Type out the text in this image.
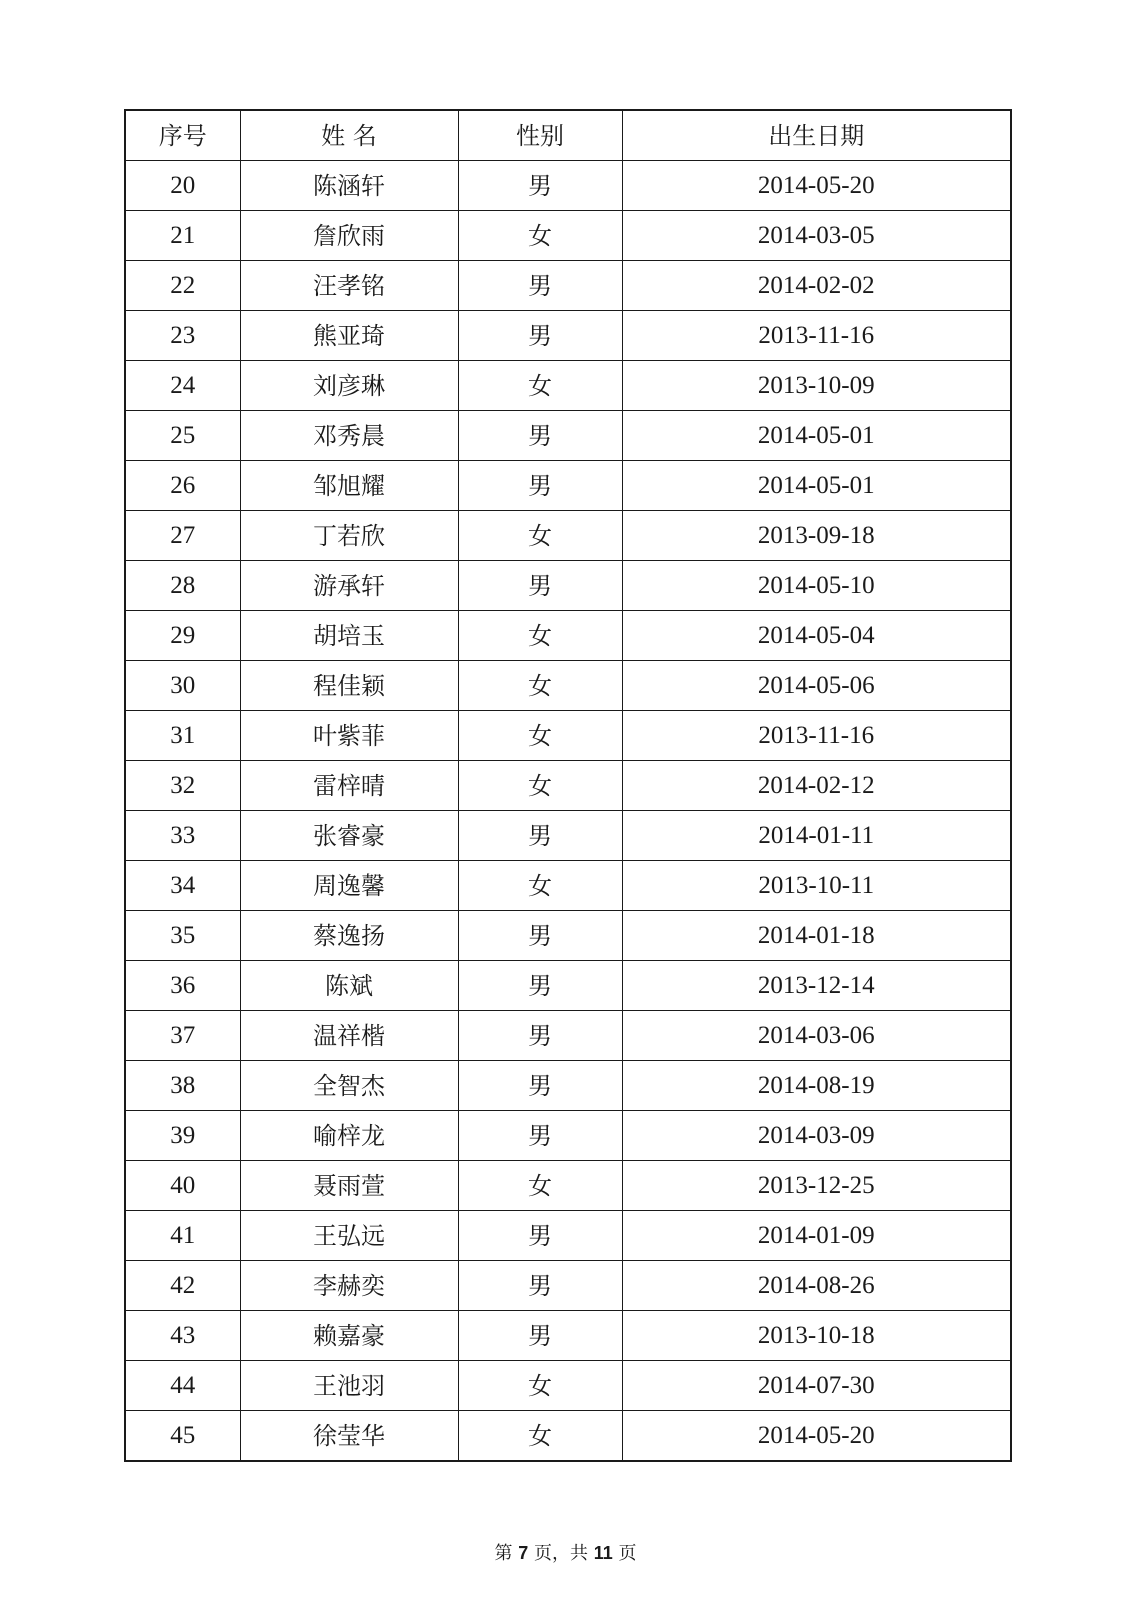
序号	姓 名	性别	出生日期
20	陈涵轩	男	2014-05-20
21	詹欣雨	女	2014-03-05
22	汪孝铭	男	2014-02-02
23	熊亚琦	男	2013-11-16
24	刘彦琳	女	2013-10-09
25	邓秀晨	男	2014-05-01
26	邹旭耀	男	2014-05-01
27	丁若欣	女	2013-09-18
28	游承轩	男	2014-05-10
29	胡培玉	女	2014-05-04
30	程佳颖	女	2014-05-06
31	叶紫菲	女	2013-11-16
32	雷梓晴	女	2014-02-12
33	张睿豪	男	2014-01-11
34	周逸馨	女	2013-10-11
35	蔡逸扬	男	2014-01-18
36	陈斌	男	2013-12-14
37	温祥楷	男	2014-03-06
38	全智杰	男	2014-08-19
39	喻梓龙	男	2014-03-09
40	聂雨萱	女	2013-12-25
41	王弘远	男	2014-01-09
42	李赫奕	男	2014-08-26
43	赖嘉豪	男	2013-10-18
44	王池羽	女	2014-07-30
45	徐莹华	女	2014-05-20
第 7 页，共 11 页
